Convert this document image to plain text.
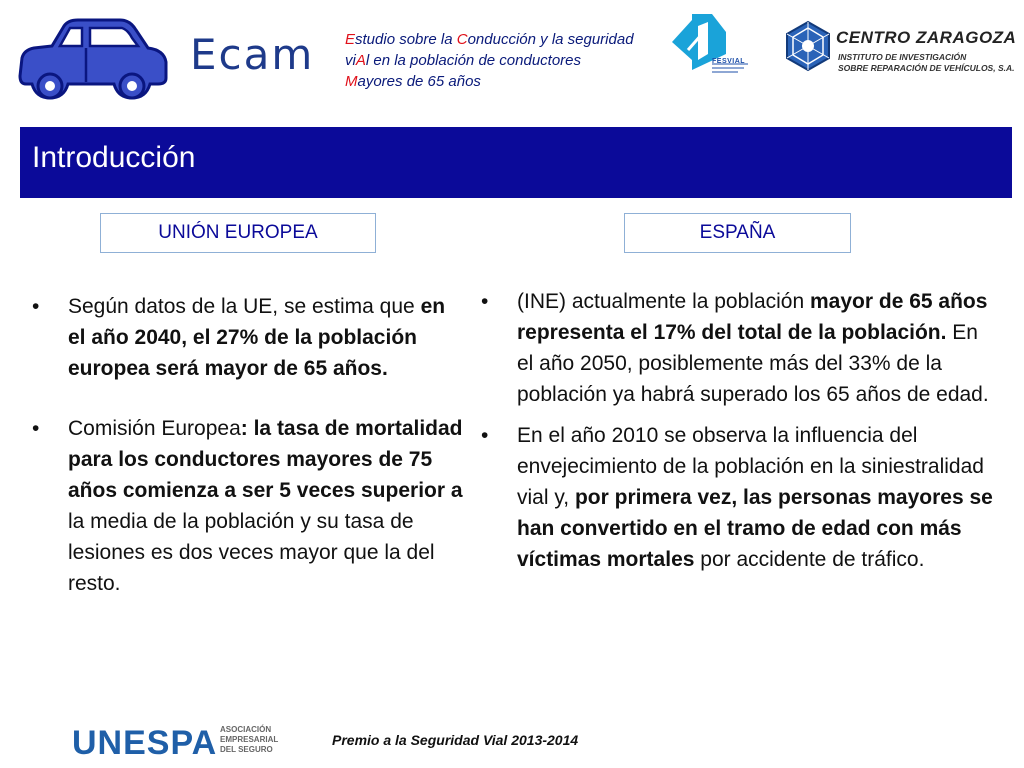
Ecam Estudio sobre la Conducción y la seguridad viAl en la población de conductores Mayores de 65 años
FESVIAL
CENTRO ZARAGOZA
INSTITUTO DE INVESTIGACIÓN
SOBRE REPARACIÓN DE VEHÍCULOS, S.A.
Introducción
UNIÓN EUROPEA	ESPAÑA

• Según datos de la UE, se estima que en el año 2040, el 27% de la población europea será mayor de 65 años.

• Comisión Europea: la tasa de mortalidad para los conductores mayores de 75 años comienza a ser 5 veces superior a la media de la población y su tasa de lesiones es dos veces mayor que la del resto.

• (INE) actualmente la población mayor de 65 años representa el 17% del total de la población. En el año 2050, posiblemente más del 33% de la población ya habrá superado los 65 años de edad.

• En el año 2010 se observa la influencia del envejecimiento de la población en la siniestralidad vial y, por primera vez, las personas mayores se han convertido en el tramo de edad con más víctimas mortales por accidente de tráfico.

UNESPA ASOCIACIÓN
EMPRESARIAL
DEL SEGURO
Premio a la Seguridad Vial 2013-2014
